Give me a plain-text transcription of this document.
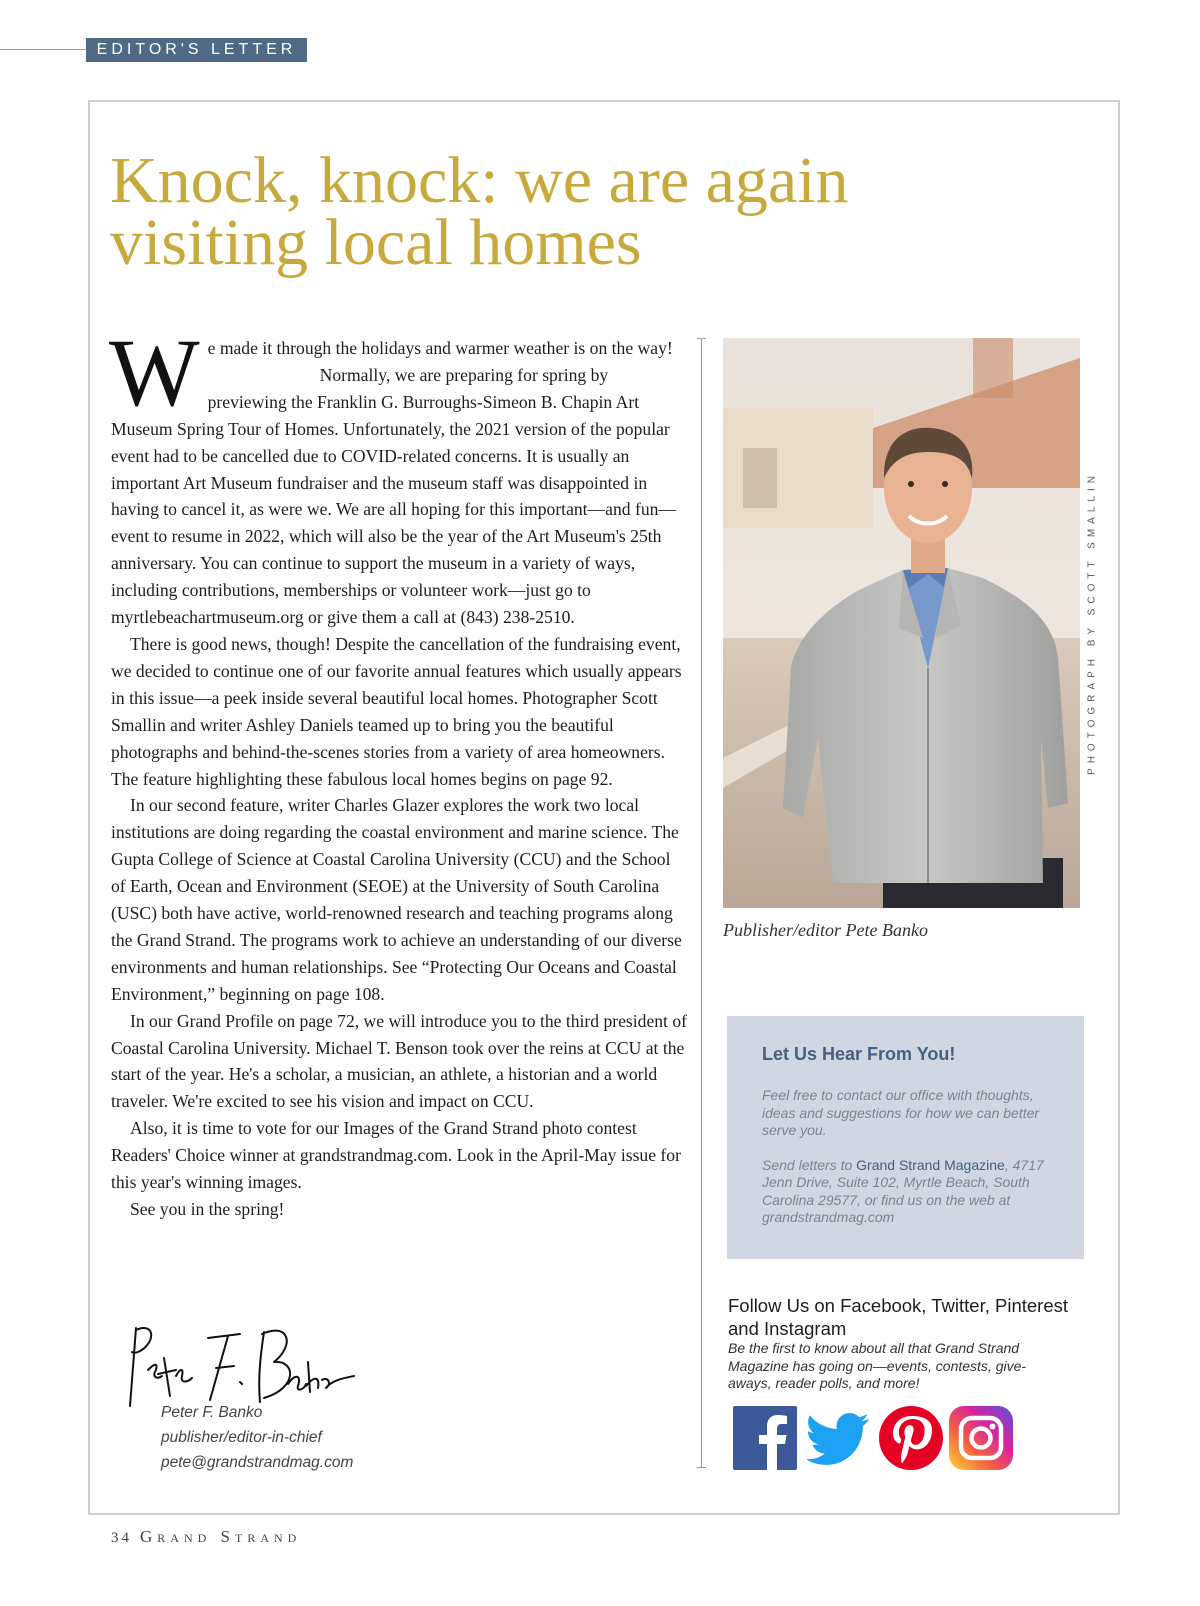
EDITOR'S LETTER
Knock, knock: we are again
visiting local homes

We made it through the holidays and warmer weather is on the way!

Normally, we are preparing for spring by previewing the Franklin G. Burroughs-Simeon B. Chapin Art Museum Spring Tour of Homes. Unfortunately, the 2021 version of the popular event had to be cancelled due to COVID-related concerns. It is usually an important Art Museum fundraiser and the museum staff was disappointed in having to cancel it, as were we. We are all hoping for this important—and fun—event to resume in 2022, which will also be the year of the Art Museum's 25th anniversary. You can continue to support the museum in a variety of ways, including contributions, memberships or volunteer work—just go to myrtlebeachartmuseum.org or give them a call at (843) 238-2510.

There is good news, though! Despite the cancellation of the fundraising event, we decided to continue one of our favorite annual features which usually appears in this issue—a peek inside several beautiful local homes. Photographer Scott Smallin and writer Ashley Daniels teamed up to bring you the beautiful photographs and behind-the-scenes stories from a variety of area homeowners. The feature highlighting these fabulous local homes begins on page 92.

In our second feature, writer Charles Glazer explores the work two local institutions are doing regarding the coastal environment and marine science. The Gupta College of Science at Coastal Carolina University (CCU) and the School of Earth, Ocean and Environment (SEOE) at the University of South Carolina (USC) both have active, world-renowned research and teaching programs along the Grand Strand. The programs work to achieve an understanding of our diverse environments and human relationships. See “Protecting Our Oceans and Coastal Environment,” beginning on page 108.

In our Grand Profile on page 72, we will introduce you to the third president of Coastal Carolina University. Michael T. Benson took over the reins at CCU at the start of the year. He's a scholar, a musician, an athlete, a historian and a world traveler. We're excited to see his vision and impact on CCU.

Also, it is time to vote for our Images of the Grand Strand photo contest Readers' Choice winner at grandstrandmag.com. Look in the April-May issue for this year's winning images.

See you in the spring!

Peter F. Banko
publisher/editor-in-chief
pete@grandstrandmag.com
PHOTOGRAPH BY SCOTT SMALLIN
Publisher/editor Pete Banko
Let Us Hear From You!

Feel free to contact our office with thoughts, ideas and suggestions for how we can better serve you.

Send letters to Grand Strand Magazine, 4717 Jenn Drive, Suite 102, Myrtle Beach, South Carolina 29577, or find us on the web at grandstrandmag.com

Follow Us on Facebook, Twitter, Pinterest and Instagram
Be the first to know about all that Grand Strand Magazine has going on—events, contests, give-aways, reader polls, and more!
34 Grand Strand
